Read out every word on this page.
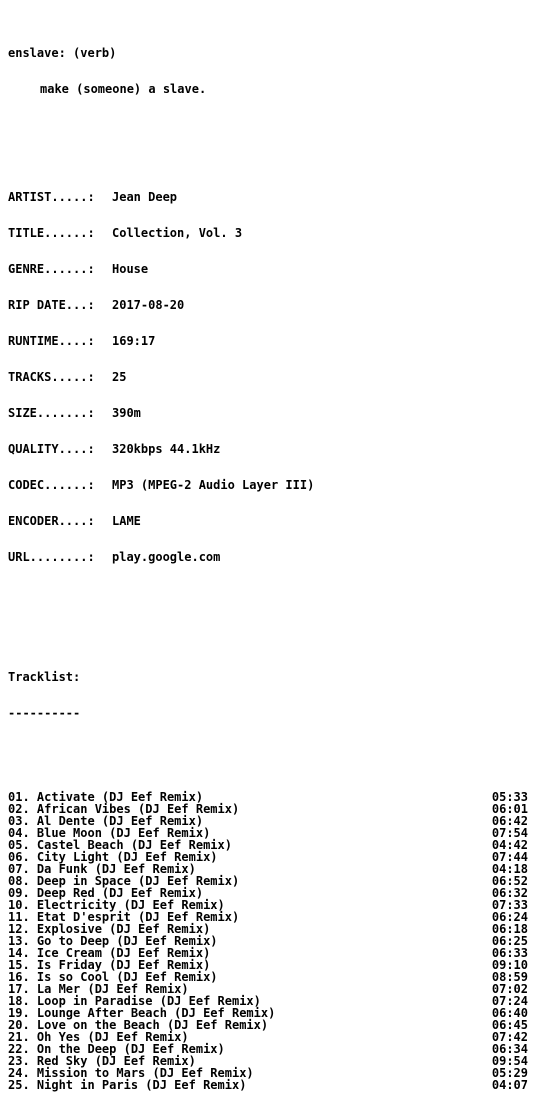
enslave: (verb)

make (someone) a slave.

ARTIST.....: Jean Deep

TITLE......: Collection, Vol. 3

GENRE......: House

RIP DATE...: 2017-08-20

RUNTIME....: 169:17

TRACKS.....: 25

SIZE.......: 390m

QUALITY....: 320kbps 44.1kHz

CODEC......: MP3 (MPEG-2 Audio Layer III)

ENCODER....: LAME

URL........: play.google.com

Tracklist:

----------

01. Activate (DJ Eef Remix)	05:33
02. African Vibes (DJ Eef Remix)	06:01
03. Al Dente (DJ Eef Remix)	06:42
04. Blue Moon (DJ Eef Remix)	07:54
05. Castel Beach (DJ Eef Remix)	04:42
06. City Light (DJ Eef Remix)	07:44
07. Da Funk (DJ Eef Remix)	04:18
08. Deep in Space (DJ Eef Remix)	06:52
09. Deep Red (DJ Eef Remix)	06:32
10. Electricity (DJ Eef Remix)	07:33
11. Etat D'esprit (DJ Eef Remix)	06:24
12. Explosive (DJ Eef Remix)	06:18
13. Go to Deep (DJ Eef Remix)	06:25
14. Ice Cream (DJ Eef Remix)	06:33
15. Is Friday (DJ Eef Remix)	09:10
16. Is so Cool (DJ Eef Remix)	08:59
17. La Mer (DJ Eef Remix)	07:02
18. Loop in Paradise (DJ Eef Remix)	07:24
19. Lounge After Beach (DJ Eef Remix)	06:40
20. Love on the Beach (DJ Eef Remix)	06:45
21. Oh Yes (DJ Eef Remix)	07:42
22. On the Deep (DJ Eef Remix)	06:34
23. Red Sky (DJ Eef Remix)	09:54
24. Mission to Mars (DJ Eef Remix)	05:29
25. Night in Paris (DJ Eef Remix)	04:07
